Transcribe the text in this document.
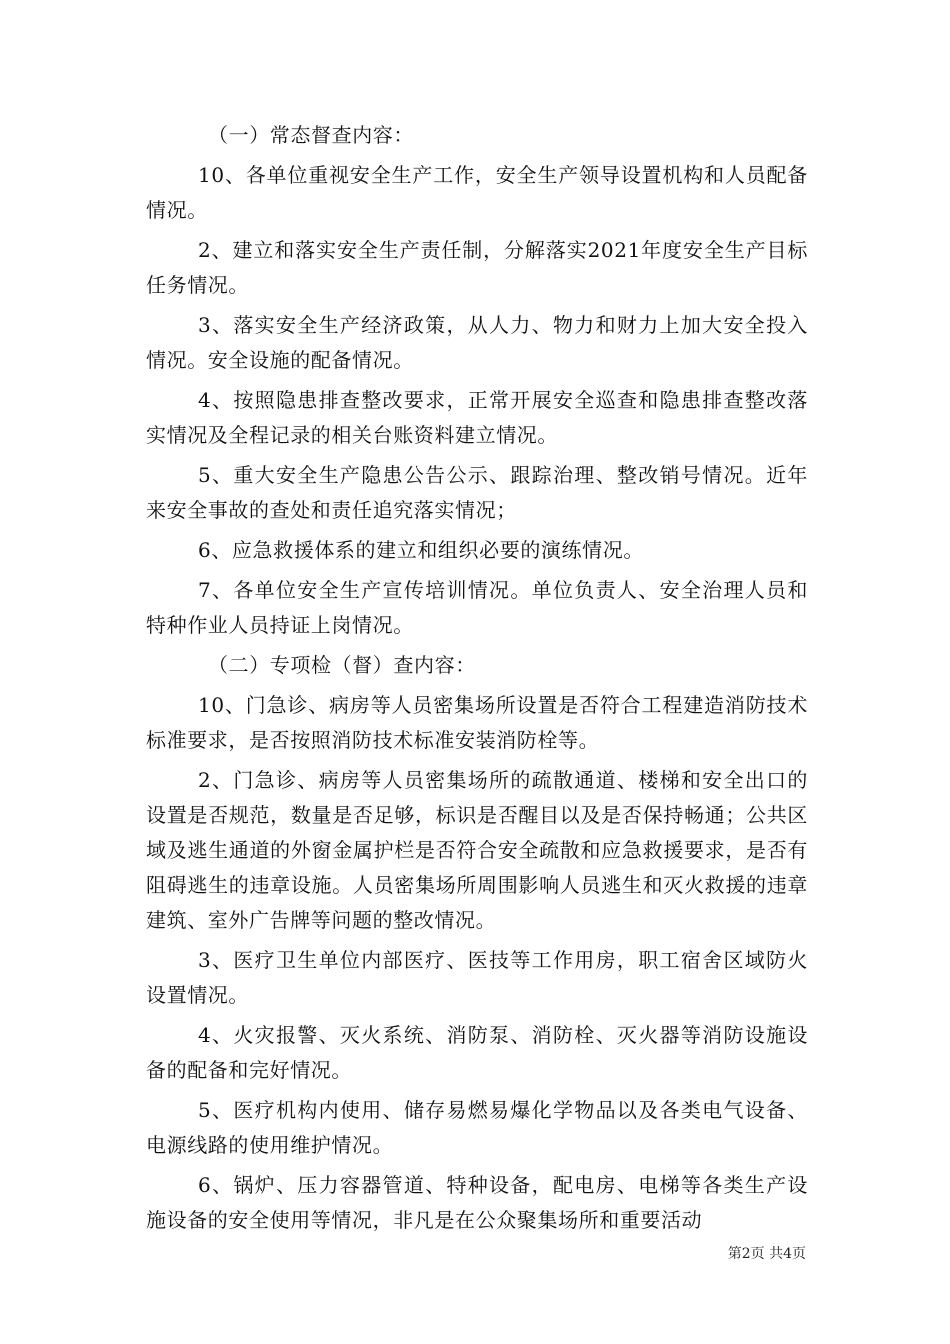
（一）常态督查内容：

10、各单位重视安全生产工作，安全生产领导设置机构和人员配备情况。

2、建立和落实安全生产责任制，分解落实2021年度安全生产目标任务情况。

3、落实安全生产经济政策，从人力、物力和财力上加大安全投入情况。安全设施的配备情况。

4、按照隐患排查整改要求，正常开展安全巡查和隐患排查整改落实情况及全程记录的相关台账资料建立情况。

5、重大安全生产隐患公告公示、跟踪治理、整改销号情况。近年来安全事故的查处和责任追究落实情况；

6、应急救援体系的建立和组织必要的演练情况。

7、各单位安全生产宣传培训情况。单位负责人、安全治理人员和特种作业人员持证上岗情况。

（二）专项检（督）查内容：

10、门急诊、病房等人员密集场所设置是否符合工程建造消防技术标准要求，是否按照消防技术标准安装消防栓等。

2、门急诊、病房等人员密集场所的疏散通道、楼梯和安全出口的设置是否规范，数量是否足够，标识是否醒目以及是否保持畅通；公共区域及逃生通道的外窗金属护栏是否符合安全疏散和应急救援要求，是否有阻碍逃生的违章设施。人员密集场所周围影响人员逃生和灭火救援的违章建筑、室外广告牌等问题的整改情况。

3、医疗卫生单位内部医疗、医技等工作用房，职工宿舍区域防火设置情况。

4、火灾报警、灭火系统、消防泵、消防栓、灭火器等消防设施设备的配备和完好情况。

5、医疗机构内使用、储存易燃易爆化学物品以及各类电气设备、电源线路的使用维护情况。

6、锅炉、压力容器管道、特种设备，配电房、电梯等各类生产设施设备的安全使用等情况，非凡是在公众聚集场所和重要活动

第2页 共4页
